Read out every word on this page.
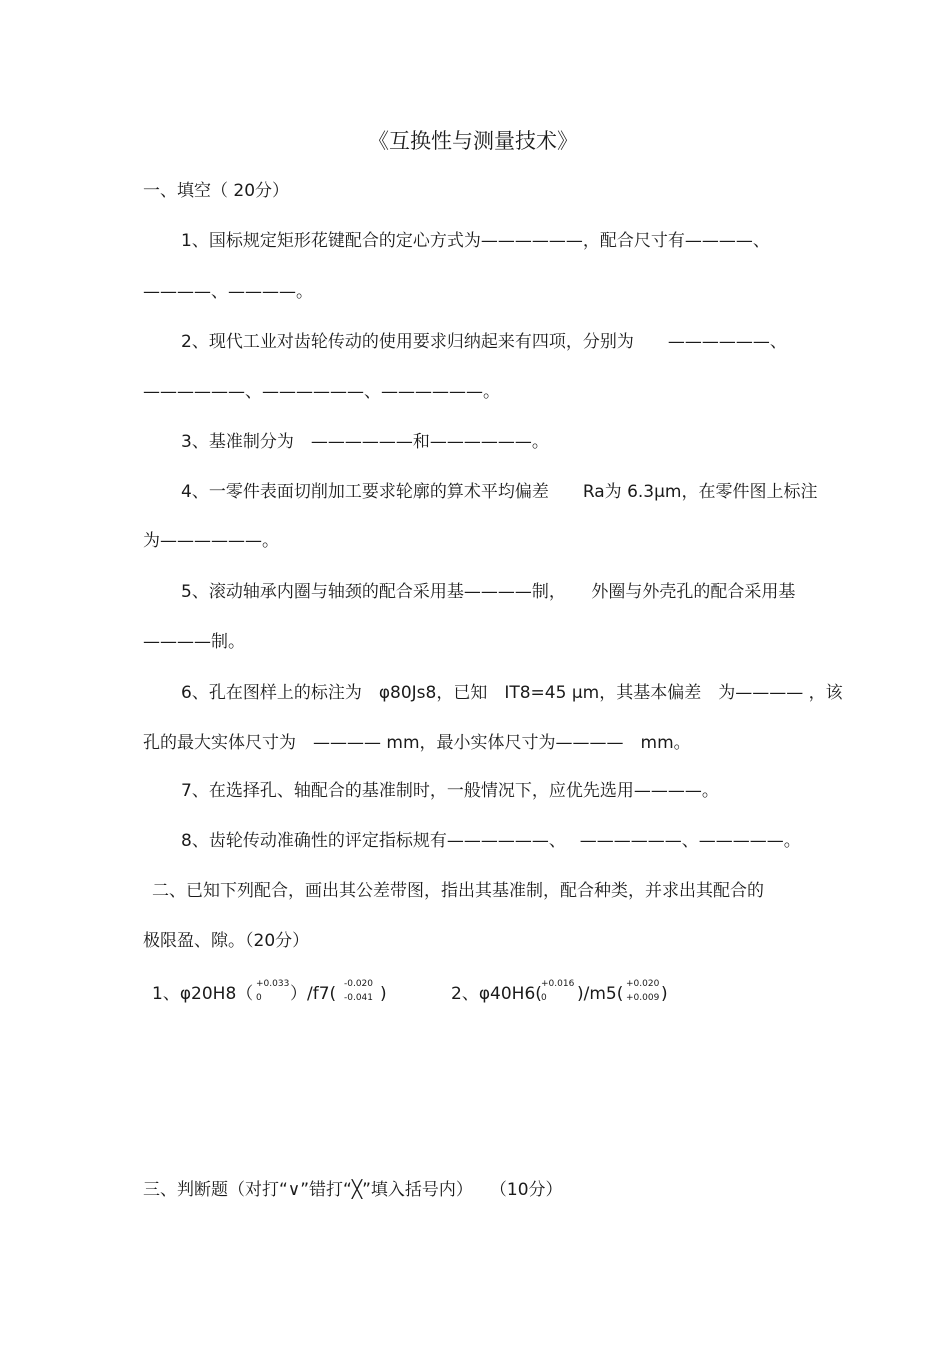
《互换性与测量技术》
一、填空（ 20分）
1、国标规定矩形花键配合的定心方式为——————，配合尺寸有————、
————、————。
2、现代工业对齿轮传动的使用要求归纳起来有四项，分别为　　——————、
——————、——————、——————。
3、基准制分为　——————和——————。
4、一零件表面切削加工要求轮廓的算术平均偏差　　Ra为 6.3μm，在零件图上标注
为——————。
5、滚动轴承内圈与轴颈的配合采用基————制，　　外圈与外壳孔的配合采用基
————制。
6、孔在图样上的标注为　φ80Js8，已知　IT8=45 μm，其基本偏差　为———— ，该
孔的最大实体尺寸为　———— mm，最小实体尺寸为————　mm。
7、在选择孔、轴配合的基准制时，一般情况下，应优先选用————。
8、齿轮传动准确性的评定指标规有——————、　 ——————、—————。
二、已知下列配合，画出其公差带图，指出其基准制，配合种类，并求出其配合的
极限盈、隙。（20分）
1、φ20H8（ +0.033
0 ）/f7( -0.020
-0.041 )	2、φ40H6( +0.016
0 )/m5( +0.020
+0.009 )
三、判断题（对打“∨”错打“╳”填入括号内）　　（10分）
